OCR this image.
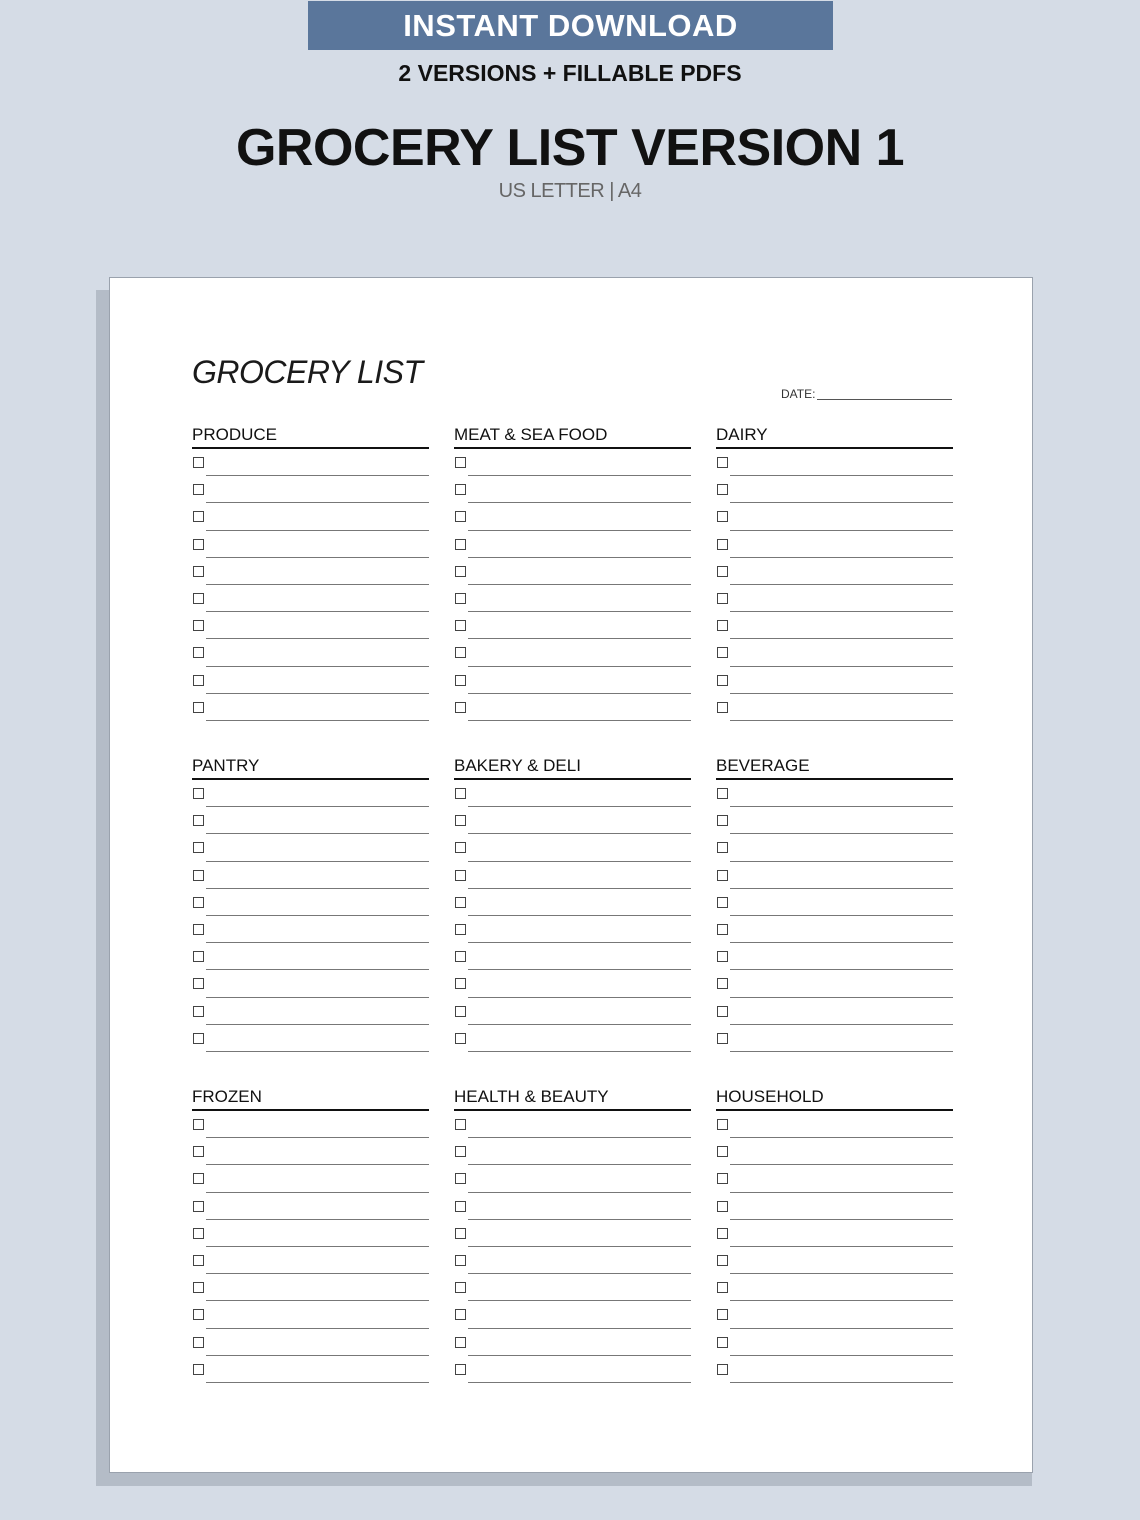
INSTANT DOWNLOAD
2 VERSIONS + FILLABLE PDFS
GROCERY LIST VERSION 1
US LETTER | A4
GROCERY LIST
DATE:
PRODUCE	MEAT & SEA FOOD	DAIRY
PANTRY	BAKERY & DELI	BEVERAGE
FROZEN	HEALTH & BEAUTY	HOUSEHOLD
